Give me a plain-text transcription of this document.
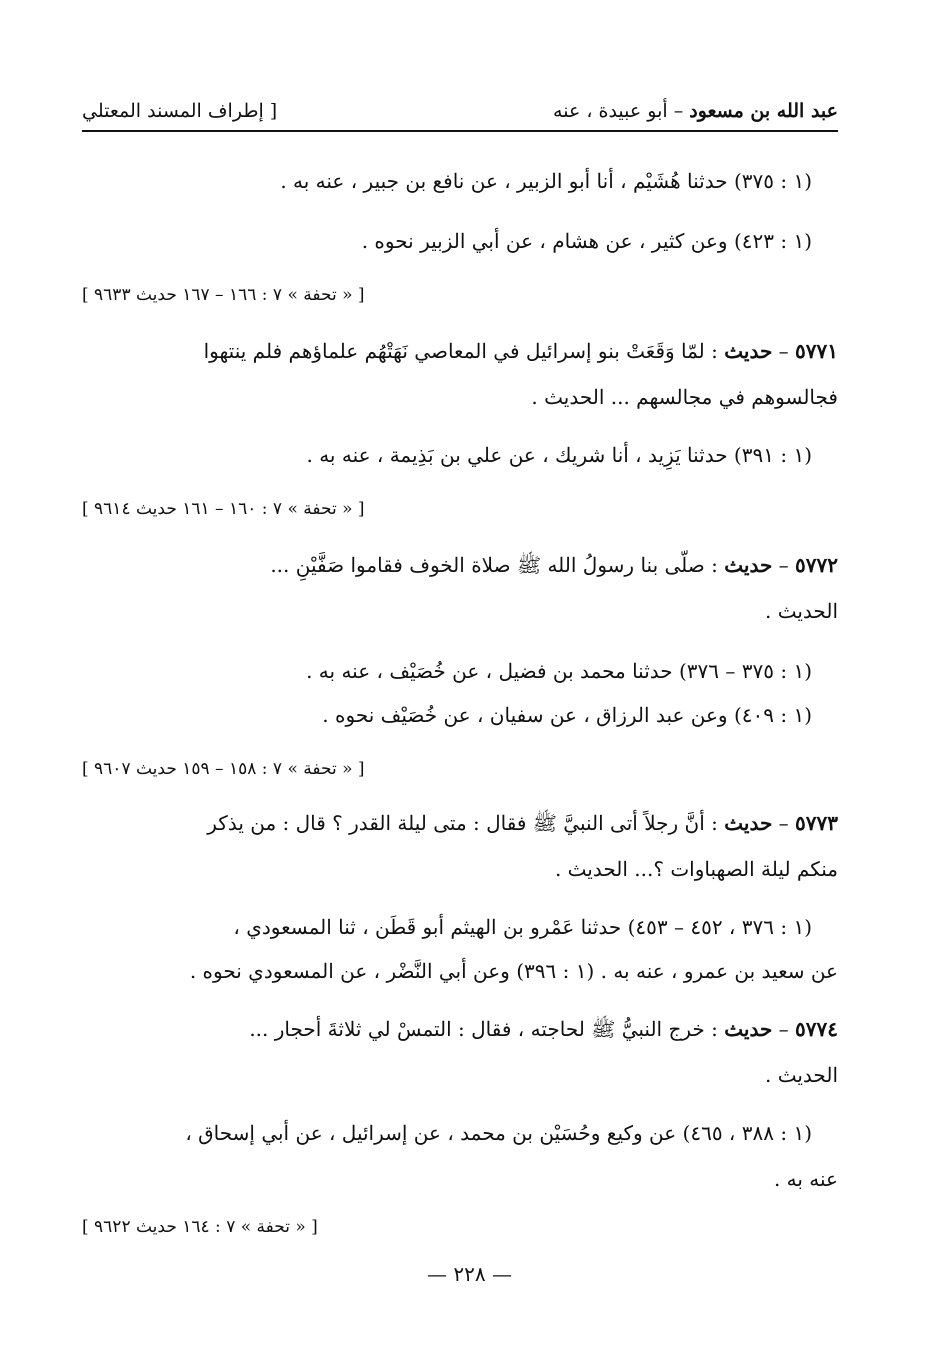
عبد الله بن مسعود – أبو عبيدة ، عنه
[ إطراف المسند المعتلي

(١ : ٣٧٥) حدثنا هُشَيْم ، أنا أبو الزبير ، عن نافع بن جبير ، عنه به .

(١ : ٤٢٣) وعن كثير ، عن هشام ، عن أبي الزبير نحوه .

[ « تحفة » ٧ : ١٦٦ – ١٦٧ حديث ٩٦٣٣ ]

٥٧٧١ – حديث : لمّا وَقَعَتْ بنو إسرائيل في المعاصي نَهَتْهُم علماؤهم فلم ينتهوا

فجالسوهم في مجالسهم ... الحديث .

(١ : ٣٩١) حدثنا يَزِيد ، أنا شريك ، عن علي بن بَذِيمة ، عنه به .

[ « تحفة » ٧ : ١٦٠ – ١٦١ حديث ٩٦١٤ ]

٥٧٧٢ – حديث : صلّى بنا رسولُ الله ﷺ صلاة الخوف فقاموا صَفَّيْنِ ...

الحديث .

(١ : ٣٧٥ – ٣٧٦) حدثنا محمد بن فضيل ، عن خُصَيْف ، عنه به .

(١ : ٤٠٩) وعن عبد الرزاق ، عن سفيان ، عن خُصَيْف نحوه .

[ « تحفة » ٧ : ١٥٨ – ١٥٩ حديث ٩٦٠٧ ]

٥٧٧٣ – حديث : أنَّ رجلاً أتى النبيَّ ﷺ فقال : متى ليلة القدر ؟ قال : من يذكر

منكم ليلة الصهباوات ؟... الحديث .

(١ : ٣٧٦ ، ٤٥٢ – ٤٥٣) حدثنا عَمْرو بن الهيثم أبو قَطَن ، ثنا المسعودي ،

عن سعيد بن عمرو ، عنه به . (١ : ٣٩٦) وعن أبي النَّضْر ، عن المسعودي نحوه .

٥٧٧٤ – حديث : خرج النبيُّ ﷺ لحاجته ، فقال : التمسْ لي ثلاثةَ أحجار ...

الحديث .

(١ : ٣٨٨ ، ٤٦٥) عن وكيع وحُسَيْن بن محمد ، عن إسرائيل ، عن أبي إسحاق ،

عنه به .

[ « تحفة » ٧ : ١٦٤ حديث ٩٦٢٢ ]

— ٢٢٨ —
